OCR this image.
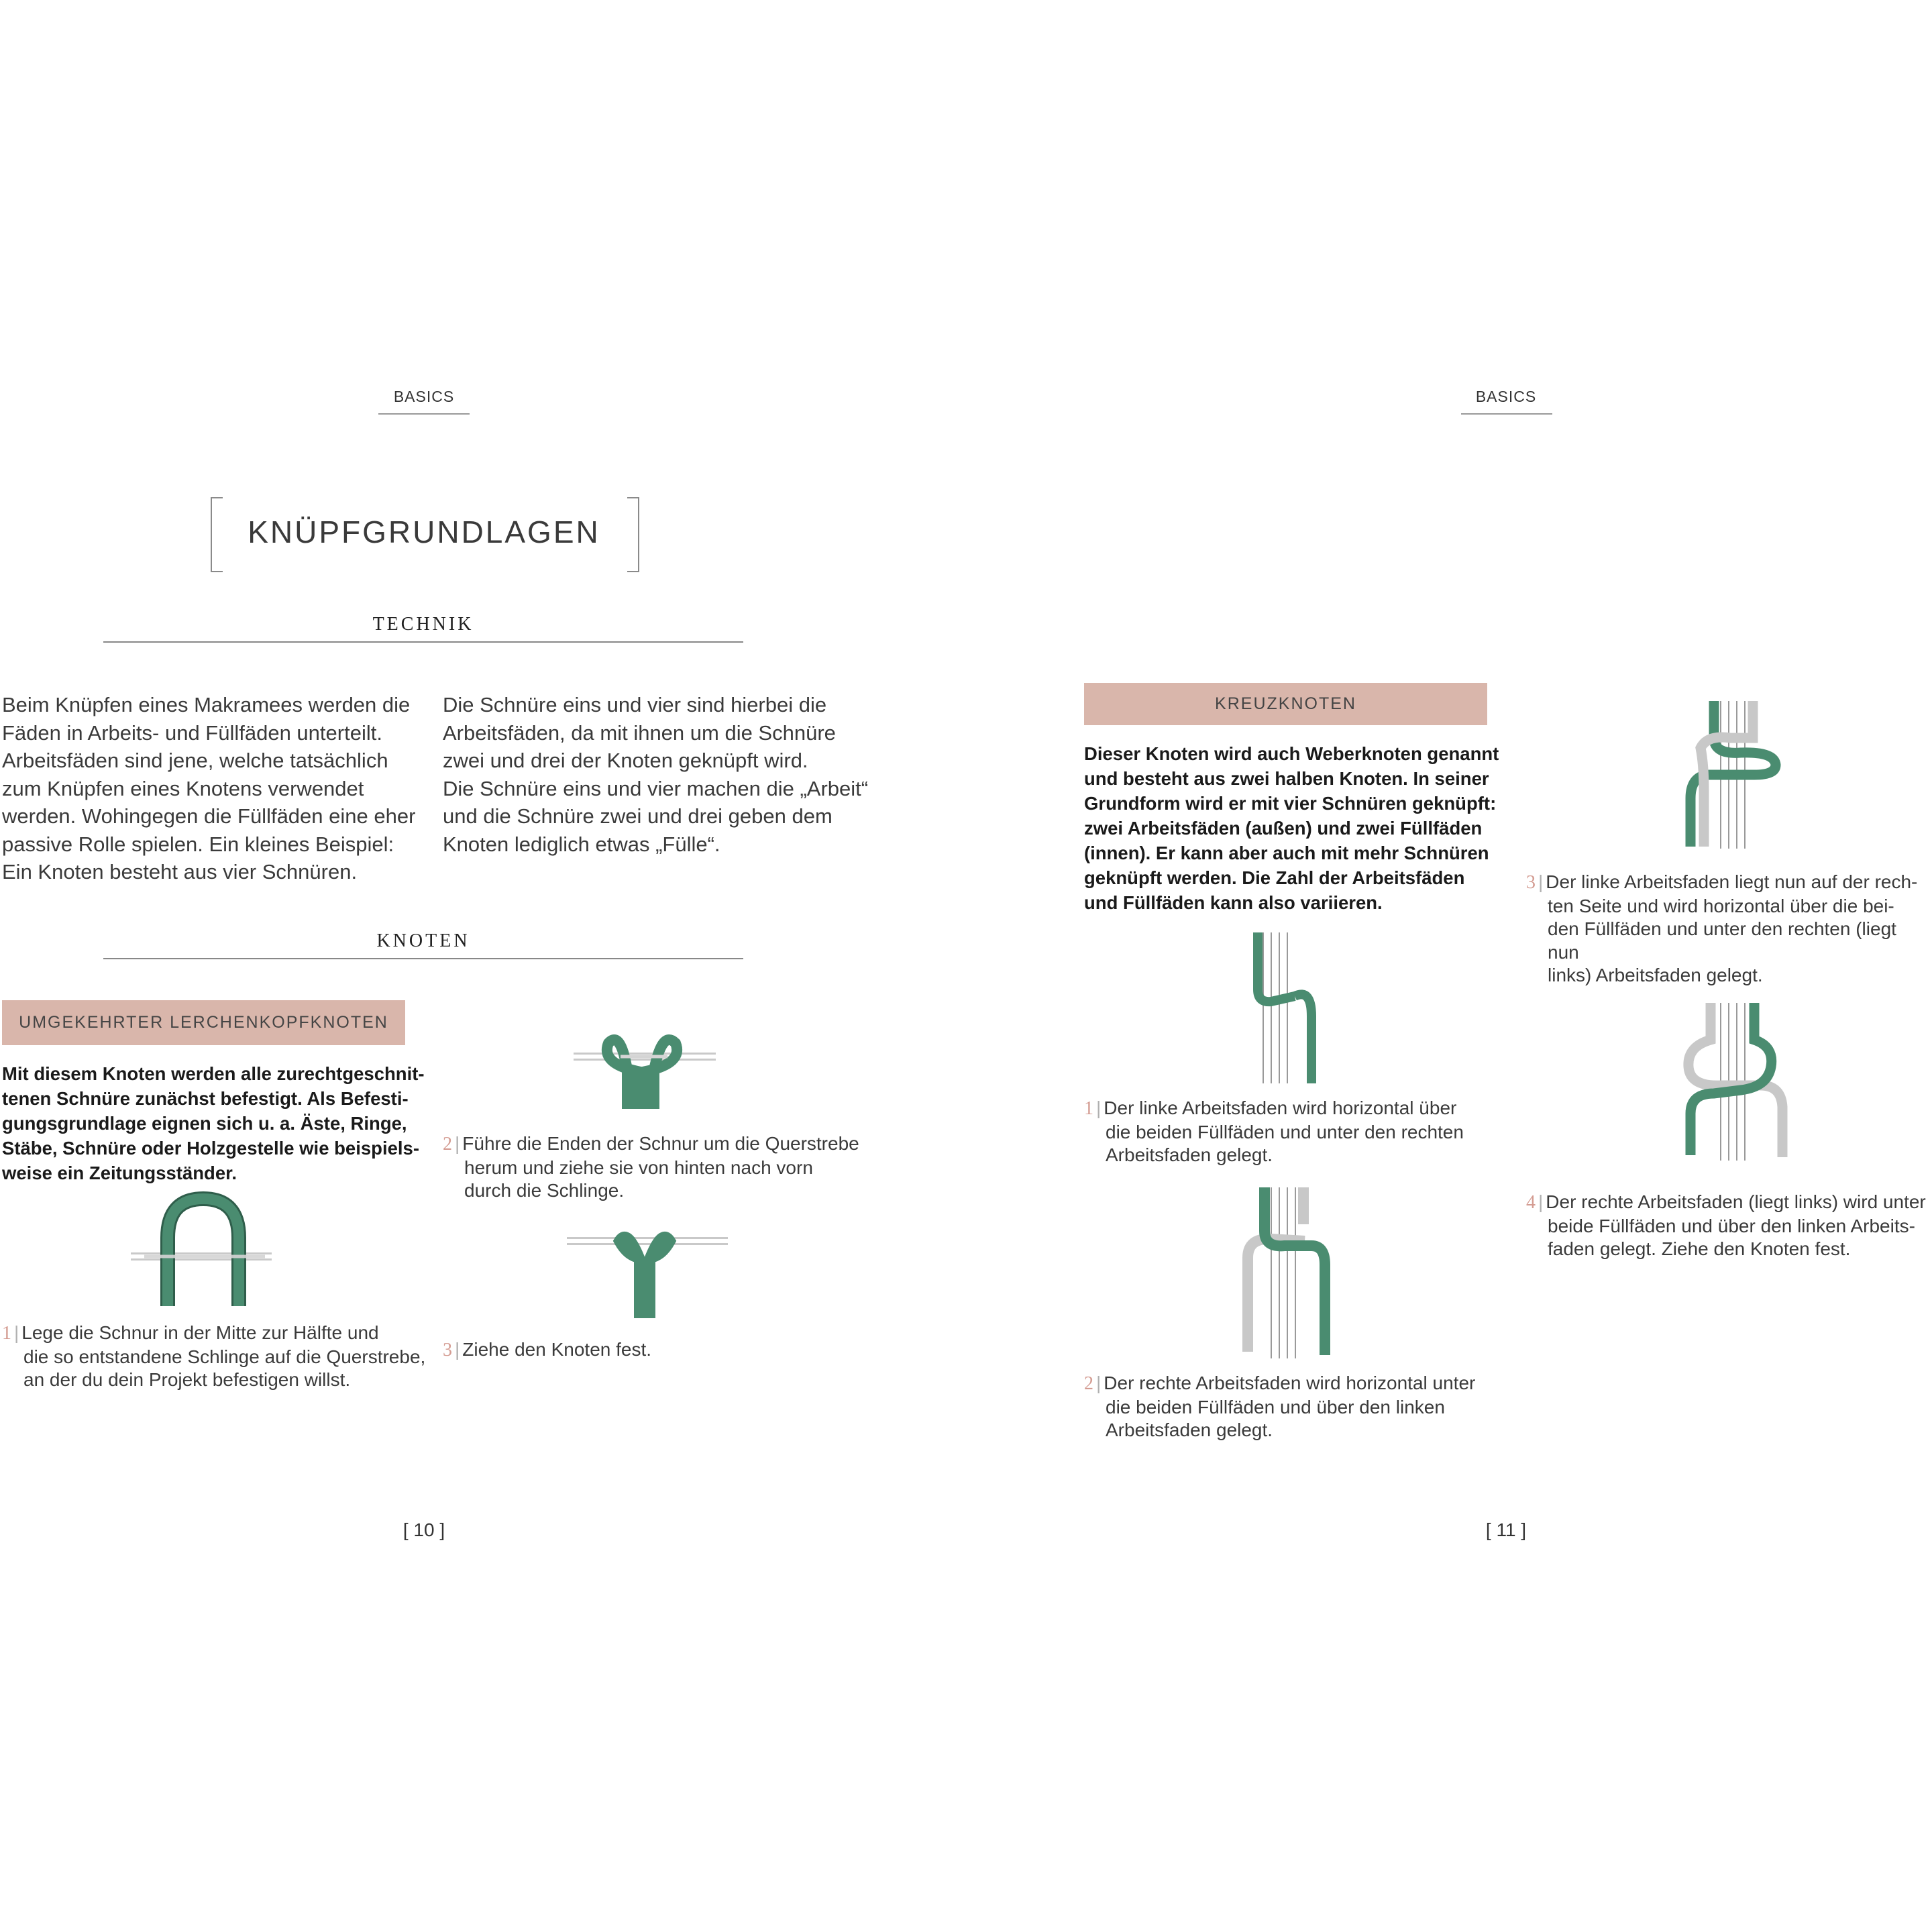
BASICS
KNÜPFGRUNDLAGEN
TECHNIK
Beim Knüpfen eines Makramees werden die
Fäden in Arbeits- und Füllfäden unterteilt.
Arbeitsfäden sind jene, welche tatsächlich
zum Knüpfen eines Knotens verwendet
werden. Wohingegen die Füllfäden eine eher
passive Rolle spielen. Ein kleines Beispiel:
Ein Knoten besteht aus vier Schnüren.
Die Schnüre eins und vier sind hierbei die
Arbeitsfäden, da mit ihnen um die Schnüre
zwei und drei der Knoten geknüpft wird.
Die Schnüre eins und vier machen die „Arbeit“
und die Schnüre zwei und drei geben dem
Knoten lediglich etwas „Fülle“.
KNOTEN
UMGEKEHRTER LERCHENKOPFKNOTEN
Mit diesem Knoten werden alle zurechtgeschnit-
tenen Schnüre zunächst befestigt. Als Befesti-
gungsgrundlage eignen sich u. a. Äste, Ringe,
Stäbe, Schnüre oder Holzgestelle wie beispiels-
weise ein Zeitungsständer.
1 | Lege die Schnur in der Mitte zur Hälfte und
die so entstandene Schlinge auf die Querstrebe,
an der du dein Projekt befestigen willst.
2 | Führe die Enden der Schnur um die Querstrebe
herum und ziehe sie von hinten nach vorn
durch die Schlinge.
3 | Ziehe den Knoten fest.
[ 10 ]
BASICS
KREUZKNOTEN
Dieser Knoten wird auch Weberknoten genannt
und besteht aus zwei halben Knoten. In seiner
Grundform wird er mit vier Schnüren geknüpft:
zwei Arbeitsfäden (außen) und zwei Füllfäden
(innen). Er kann aber auch mit mehr Schnüren
geknüpft werden. Die Zahl der Arbeitsfäden
und Füllfäden kann also variieren.
1 | Der linke Arbeitsfaden wird horizontal über
die beiden Füllfäden und unter den rechten
Arbeitsfaden gelegt.
2 | Der rechte Arbeitsfaden wird horizontal unter
die beiden Füllfäden und über den linken
Arbeitsfaden gelegt.
3 | Der linke Arbeitsfaden liegt nun auf der rech-
ten Seite und wird horizontal über die bei-
den Füllfäden und unter den rechten (liegt nun
links) Arbeitsfaden gelegt.
4 | Der rechte Arbeitsfaden (liegt links) wird unter
beide Füllfäden und über den linken Arbeits-
faden gelegt. Ziehe den Knoten fest.
[ 11 ]
